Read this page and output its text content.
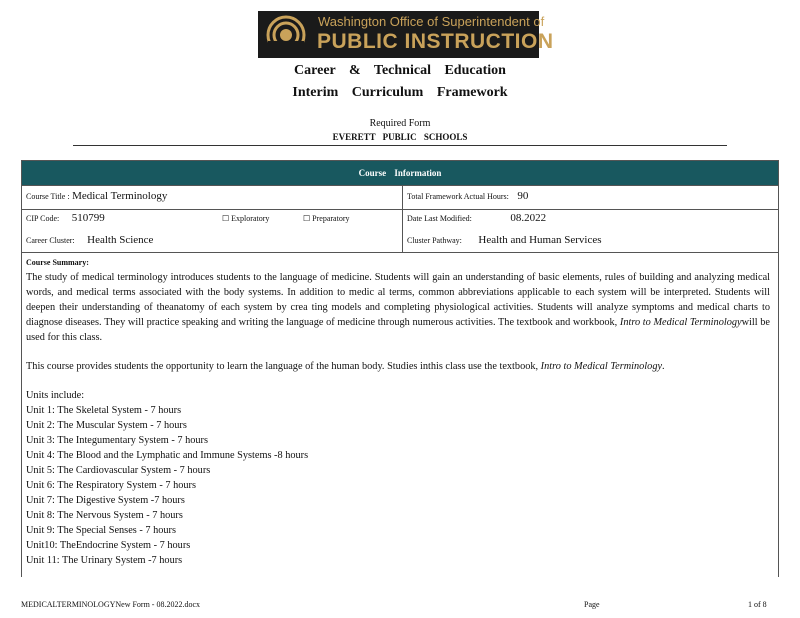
Washington Office of Superintendent of
PUBLIC INSTRUCTION
Career & Technical Education
Interim Curriculum Framework
Required Form
EVERETT PUBLIC SCHOOLS
Course Information
Course Title : Medical Terminology	Total Framework Actual Hours: 90
CIP Code: 510799	☐ Exploratory	☐ Preparatory	Date Last Modified:	08.2022
Career Cluster: Health Science	Cluster Pathway: Health and Human Services
Course Summary:

The study of medical terminology introduces students to the language of medicine. Students will gain an understanding of basic elements, rules of building and analyzing medical words, and medical terms associated with the body systems. In addition to medic al terms, common abbreviations applicable to each system will be interpreted. Students will deepen their understanding of theanatomy of each system by crea ting models and completing physiological activities. Students will analyze symptoms and medical charts to diagnose diseases. They will practice speaking and writing the language of medicine through numerous activities. The textbook and workbook, Intro to Medical Terminologywill be used for this class.

This course provides students the opportunity to learn the language of the human body. Studies inthis class use the textbook, Intro to Medical Terminology.

Units include:
Unit 1: The Skeletal System - 7 hours
Unit 2: The Muscular System - 7 hours
Unit 3: The Integumentary System - 7 hours
Unit 4: The Blood and the Lymphatic and Immune Systems -8 hours
Unit 5: The Cardiovascular System - 7 hours
Unit 6: The Respiratory System - 7 hours
Unit 7: The Digestive System -7 hours
Unit 8: The Nervous System - 7 hours
Unit 9: The Special Senses - 7 hours
Unit10: TheEndocrine System - 7 hours
Unit 11: The Urinary System -7 hours
MEDICALTERMINOLOGYNew Form - 08.2022.docx	Page	1 of 8
